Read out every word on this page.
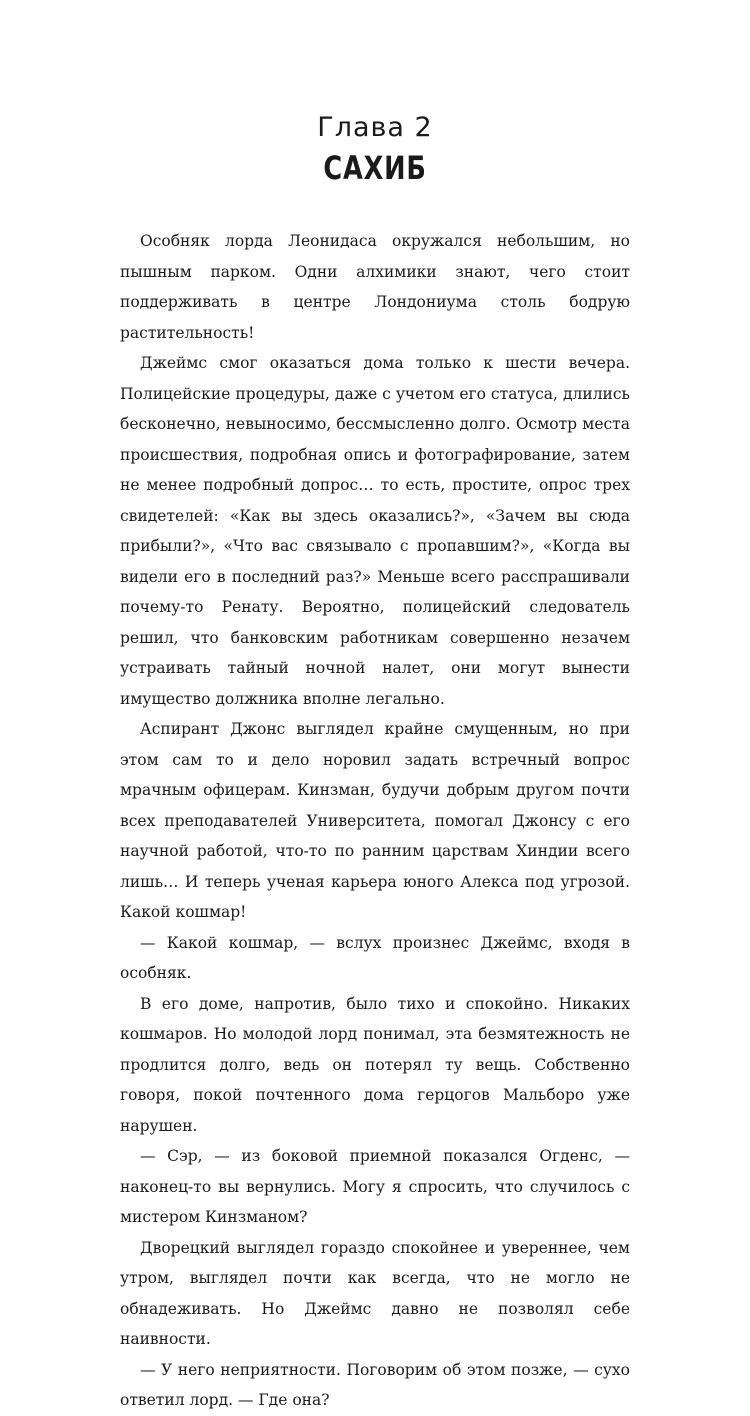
Глава 2
САХИБ

Особняк лорда Леонидаса окружался небольшим, но пышным парком. Одни алхимики знают, чего стоит поддерживать в центре Лондониума столь бодрую растительность!

Джеймс смог оказаться дома только к шести вечера. Полицейские процедуры, даже с учетом его статуса, длились бесконечно, невыносимо, бессмысленно долго. Осмотр места происшествия, подробная опись и фотографирование, затем не менее подробный допрос… то есть, простите, опрос трех свидетелей: «Как вы здесь оказались?», «Зачем вы сюда прибыли?», «Что вас связывало с пропавшим?», «Когда вы видели его в последний раз?» Меньше всего расспрашивали почему-то Ренату. Вероятно, полицейский следователь решил, что банковским работникам совершенно незачем устраивать тайный ночной налет, они могут вынести имущество должника вполне легально.

Аспирант Джонс выглядел крайне смущенным, но при этом сам то и дело норовил задать встречный вопрос мрачным офицерам. Кинзман, будучи добрым другом почти всех преподавателей Университета, помогал Джонсу с его научной работой, что-то по ранним царствам Хиндии всего лишь… И теперь ученая карьера юного Алекса под угрозой. Какой кошмар!

— Какой кошмар, — вслух произнес Джеймс, входя в особняк.

В его доме, напротив, было тихо и спокойно. Никаких кошмаров. Но молодой лорд понимал, эта безмятежность не продлится долго, ведь он потерял ту вещь. Собственно говоря, покой почтенного дома герцогов Мальборо уже нарушен.

— Сэр, — из боковой приемной показался Огденс, — наконец-то вы вернулись. Могу я спросить, что случилось с мистером Кинзманом?

Дворецкий выглядел гораздо спокойнее и увереннее, чем утром, выглядел почти как всегда, что не могло не обнадеживать. Но Джеймс давно не позволял себе наивности.

— У него неприятности. Поговорим об этом позже, — сухо ответил лорд. — Где она?
